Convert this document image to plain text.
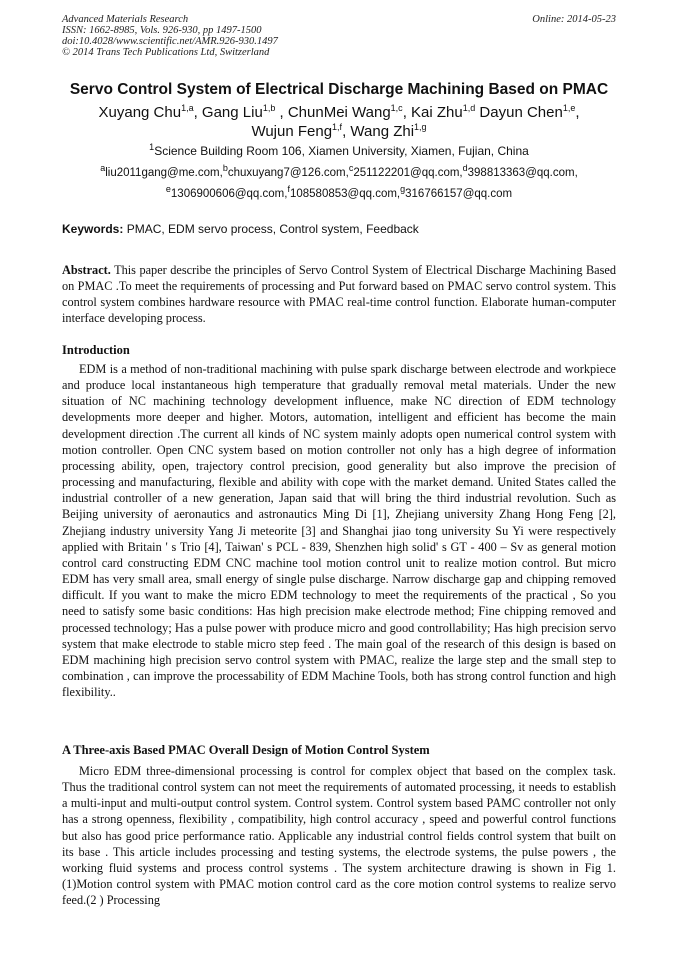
Advanced Materials Research
ISSN: 1662-8985, Vols. 926-930, pp 1497-1500
doi:10.4028/www.scientific.net/AMR.926-930.1497
© 2014 Trans Tech Publications Ltd, Switzerland
Online: 2014-05-23
Servo Control System of Electrical Discharge Machining Based on PMAC
Xuyang Chu$^{1,a}$, Gang Liu$^{1,b}$ , ChunMei Wang$^{1,c}$, Kai Zhu$^{1,d}$ Dayun Chen$^{1,e}$,
Wujun Feng$^{1,f}$, Wang Zhi$^{1,g}$
$^1$Science Building Room 106, Xiamen University, Xiamen, Fujian, China
$^a$liu2011gang@me.com,$^b$chuxuyang7@126.com,$^c$251122201@qq.com,$^d$398813363@qq.com,
$^e$1306900606@qq.com,$^f$108580853@qq.com,$^g$316766157@qq.com
Keywords: PMAC, EDM servo process, Control system, Feedback
Abstract. This paper describe the principles of Servo Control System of Electrical Discharge Machining Based on PMAC .To meet the requirements of processing and Put forward based on PMAC servo control system. This control system combines hardware resource with PMAC real-time control function. Elaborate human-computer interface developing process.
Introduction
EDM is a method of non-traditional machining with pulse spark discharge between electrode and workpiece and produce local instantaneous high temperature that gradually removal metal materials. Under the new situation of NC machining technology development influence, make NC direction of EDM technology developments more deeper and higher. Motors, automation, intelligent and efficient has become the main development direction .The current all kinds of NC system mainly adopts open numerical control system with motion controller. Open CNC system based on motion controller not only has a high degree of information processing ability, open, trajectory control precision, good generality but also improve the precision of processing and manufacturing, flexible and ability with cope with the market demand. United States called the industrial controller of a new generation, Japan said that will bring the third industrial revolution. Such as Beijing university of aeronautics and astronautics Ming Di [1], Zhejiang university Zhang Hong Feng [2], Zhejiang industry university Yang Ji meteorite [3] and Shanghai jiao tong university Su Yi were respectively applied with Britain ' s Trio [4], Taiwan' s PCL - 839, Shenzhen high solid' s GT - 400 – Sv as general motion control card constructing EDM CNC machine tool motion control unit to realize motion control. But micro EDM has very small area, small energy of single pulse discharge. Narrow discharge gap and chipping removed difficult. If you want to make the micro EDM technology to meet the requirements of the practical , So you need to satisfy some basic conditions: Has high precision make electrode method; Fine chipping removed and processed technology; Has a pulse power with produce micro and good controllability; Has high precision servo system that make electrode to stable micro step feed . The main goal of the research of this design is based on EDM machining high precision servo control system with PMAC, realize the large step and the small step to combination , can improve the processability of EDM Machine Tools, both has strong control function and high flexibility..
A Three-axis Based PMAC Overall Design of Motion Control System
Micro EDM three-dimensional processing is control for complex object that based on the complex task. Thus the traditional control system can not meet the requirements of automated processing, it needs to establish a multi-input and multi-output control system. Control system. Control system based PAMC controller not only has a strong openness, flexibility , compatibility, high control accuracy , speed and powerful control functions but also has good price performance ratio. Applicable any industrial control fields control system that built on its base . This article includes processing and testing systems, the electrode systems, the pulse powers , the working fluid systems and process control systems . The system architecture drawing is shown in Fig 1. (1)Motion control system with PMAC motion control card as the core motion control systems to realize servo feed.(2 ) Processing
